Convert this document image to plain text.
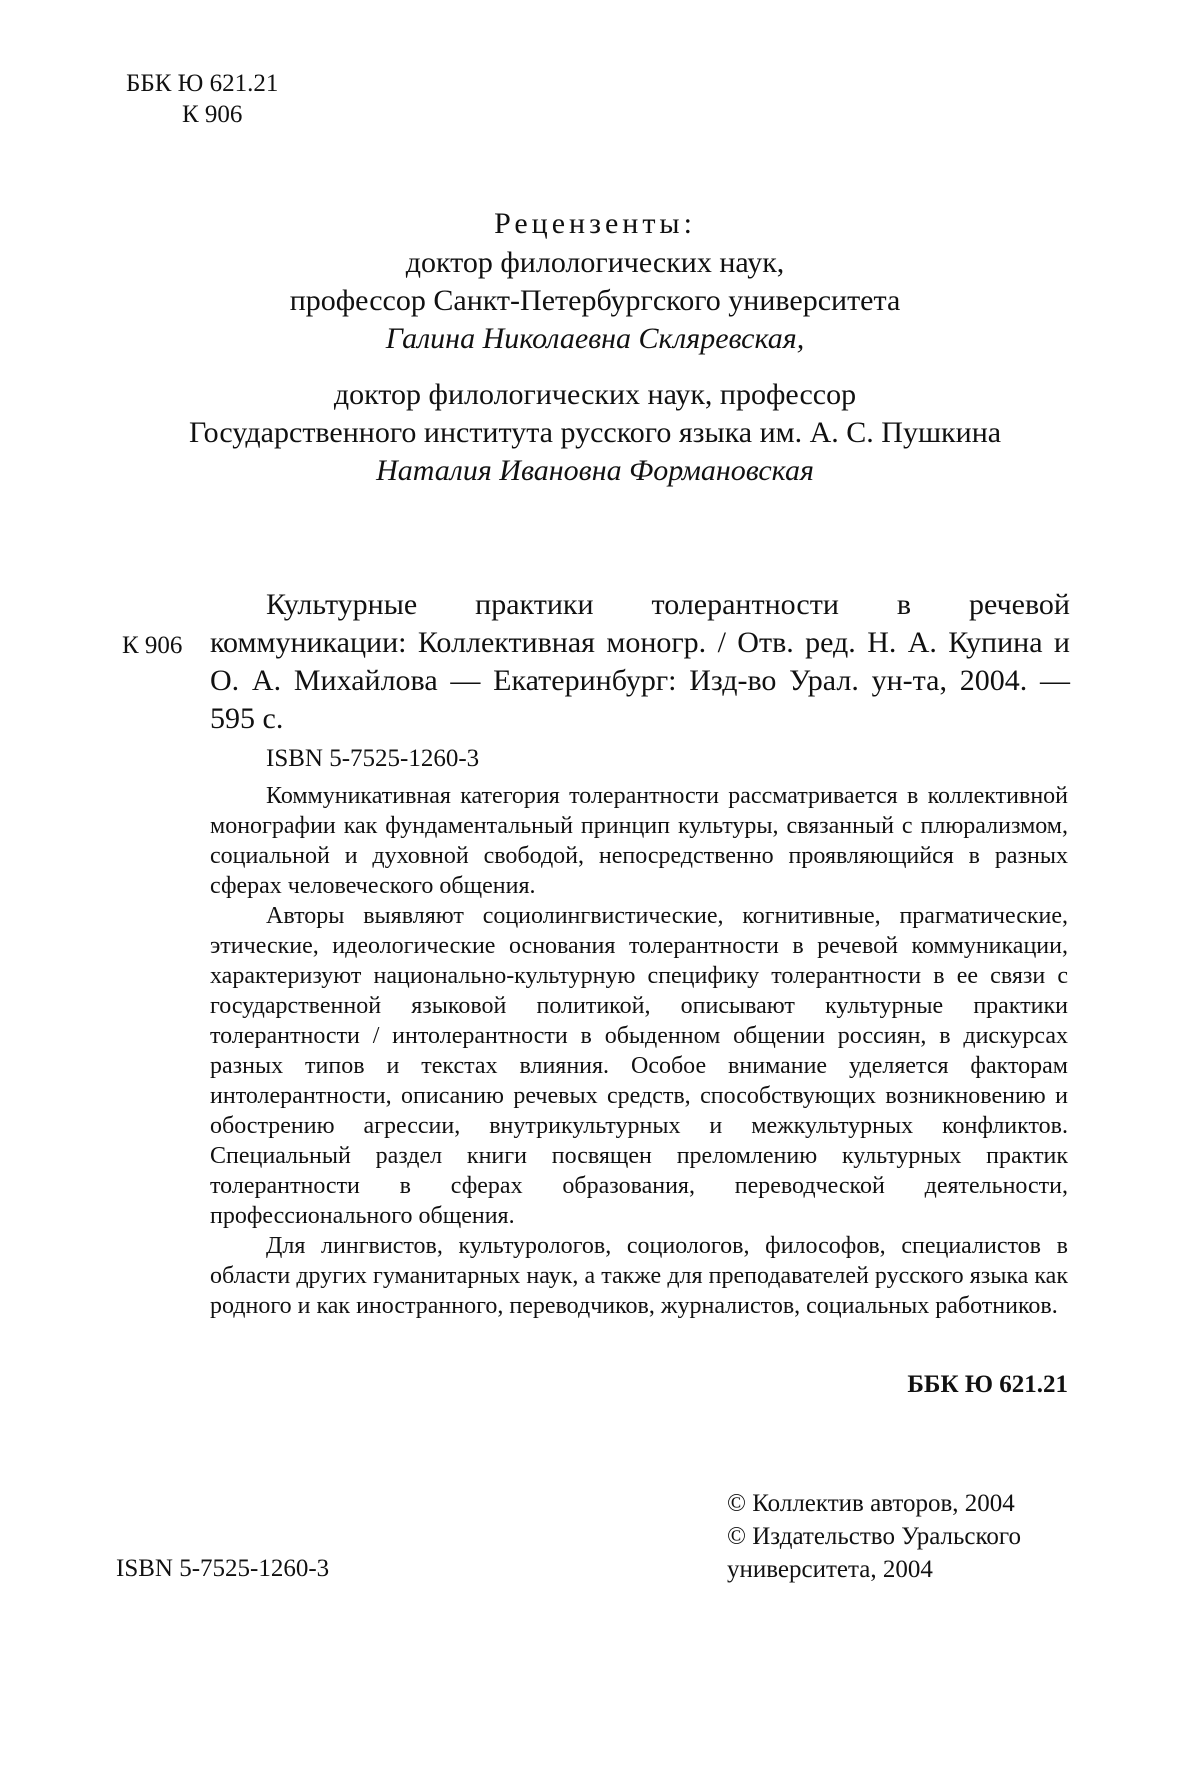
ББК Ю 621.21
К 906
Рецензенты:
доктор филологических наук,
профессор Санкт-Петербургского университета
Галина Николаевна Скляревская,
доктор филологических наук, профессор
Государственного института русского языка им. А. С. Пушкина
Наталия Ивановна Формановская
К 906
Культурные практики толерантности в речевой коммуникации: Коллективная моногр. / Отв. ред. Н. А. Купина и О. А. Михайлова — Екатеринбург: Изд-во Урал. ун-та, 2004. — 595 с.
ISBN 5-7525-1260-3

Коммуникативная категория толерантности рассматривается в коллективной монографии как фундаментальный принцип культуры, связанный с плюрализмом, социальной и духовной свободой, непосредственно проявляющийся в разных сферах человеческого общения.

Авторы выявляют социолингвистические, когнитивные, прагматические, этические, идеологические основания толерантности в речевой коммуникации, характеризуют национально-культурную специфику толерантности в ее связи с государственной языковой политикой, описывают культурные практики толерантности / интолерантности в обыденном общении россиян, в дискурсах разных типов и текстах влияния. Особое внимание уделяется факторам интолерантности, описанию речевых средств, способствующих возникновению и обострению агрессии, внутрикультурных и межкультурных конфликтов. Специальный раздел книги посвящен преломлению культурных практик толерантности в сферах образования, переводческой деятельности, профессионального общения.

Для лингвистов, культурологов, социологов, философов, специалистов в области других гуманитарных наук, а также для преподавателей русского языка как родного и как иностранного, переводчиков, журналистов, социальных работников.

ББК Ю 621.21
ISBN 5-7525-1260-3
© Коллектив авторов, 2004
© Издательство Уральского
университета, 2004
